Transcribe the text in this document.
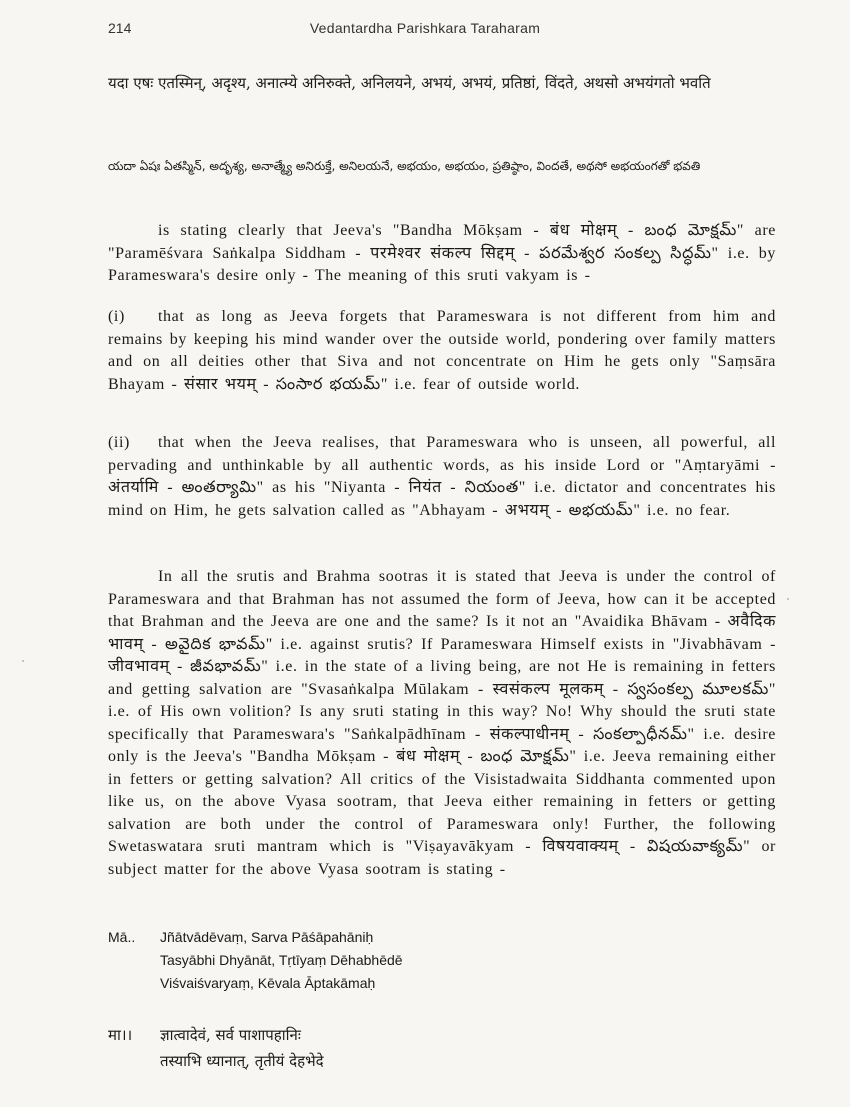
214	Vedantardha Parishkara Taraharam

यदा एषः एतस्मिन्, अदृश्य, अनात्म्ये अनिरुक्ते, अनिलयने, अभयं, अभयं, प्रतिष्ठां, विंदते, अथसो अभयंगतो भवति

యదా ఏషః ఏతస్మిన్, అదృశ్య, అనాత్మ్యే అనిరుక్తే, అనిలయనే, అభయం, అభయం, ప్రతిష్ఠాం, విందతే, అథసో అభయంగతో భవతి

is stating clearly that Jeeva's "Bandha Mōkṣam - बंध मोक्षम् - బంధ మోక్షమ్" are "Paramēśvara Saṅkalpa Siddham - परमेश्वर संकल्प सिद्दम् - పరమేశ్వర సంకల్ప సిద్ధమ్" i.e. by Parameswara's desire only - The meaning of this sruti vakyam is -

(i) that as long as Jeeva forgets that Parameswara is not different from him and remains by keeping his mind wander over the outside world, pondering over family matters and on all deities other that Siva and not concentrate on Him he gets only "Saṃsāra Bhayam - संसार भयम् - సంసార భయమ్" i.e. fear of outside world.

(ii) that when the Jeeva realises, that Parameswara who is unseen, all powerful, all pervading and unthinkable by all authentic words, as his inside Lord or "Aṃtaryāmi - अंतर्यामि - అంతర్యామి" as his "Niyanta - नियंत - నియంత" i.e. dictator and concentrates his mind on Him, he gets salvation called as "Abhayam - अभयम् - అభయమ్" i.e. no fear.

In all the srutis and Brahma sootras it is stated that Jeeva is under the control of Parameswara and that Brahman has not assumed the form of Jeeva, how can it be accepted that Brahman and the Jeeva are one and the same? Is it not an "Avaidika Bhāvam - अवैदिक भावम् - అవైదిక భావమ్" i.e. against srutis? If Parameswara Himself exists in "Jivabhāvam - जीवभावम् - జీవభావమ్" i.e. in the state of a living being, are not He is remaining in fetters and getting salvation are "Svasaṅkalpa Mūlakam - स्वसंकल्प मूलकम् - స్వసంకల్ప మూలకమ్" i.e. of His own volition? Is any sruti stating in this way? No! Why should the sruti state specifically that Parameswara's "Saṅkalpādhīnam - संकल्पाधीनम् - సంకల్పాధీనమ్" i.e. desire only is the Jeeva's "Bandha Mōkṣam - बंध मोक्षम् - బంధ మోక్షమ్" i.e. Jeeva remaining either in fetters or getting salvation? All critics of the Visistadwaita Siddhanta commented upon like us, on the above Vyasa sootram, that Jeeva either remaining in fetters or getting salvation are both under the control of Parameswara only! Further, the following Swetaswatara sruti mantram which is "Viṣayavākyam - विषयवाक्यम् - విషయవాక్యమ్" or subject matter for the above Vyasa sootram is stating -

Mā.. Jñātvādēvaṃ, Sarva Pāśāpahāniḥ
Tasyābhi Dhyānāt, Tṛtīyaṃ Dēhabhēdē
Viśvaiśvaryaṃ, Kēvala Āptakāmaḥ
मा।। ज्ञात्वादेवं, सर्व पाशापहानिः
तस्याभि ध्यानात्, तृतीयं देहभेदे
